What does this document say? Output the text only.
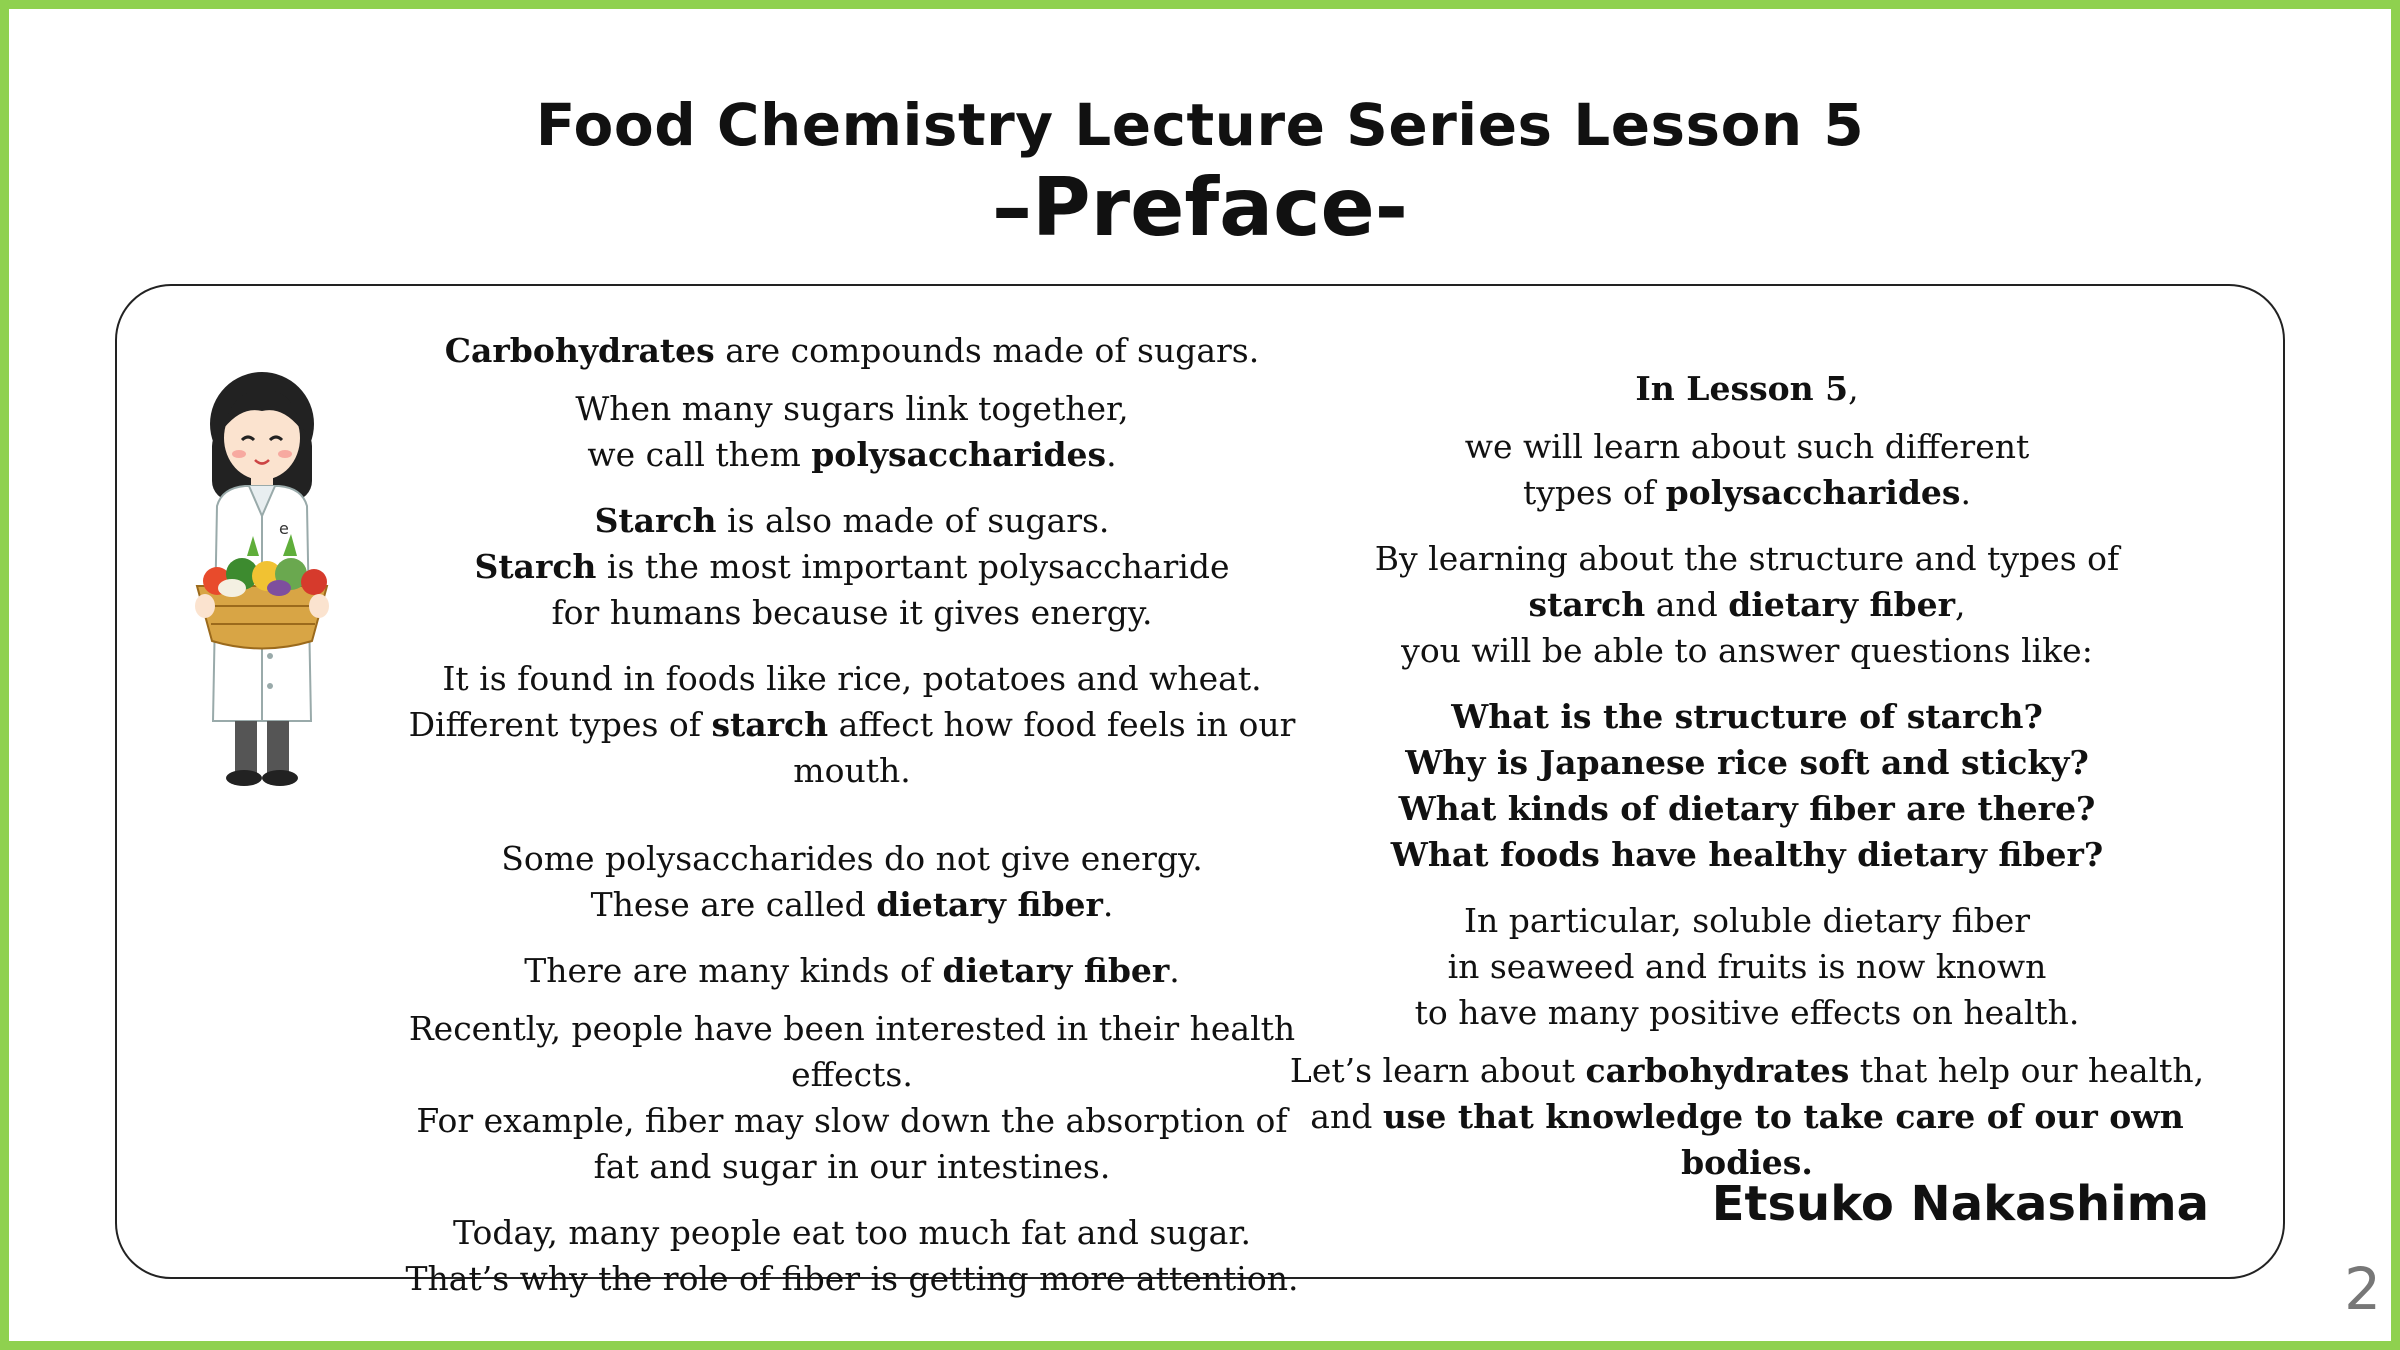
Food Chemistry Lecture Series Lesson 5
–Preface-
e

Carbohydrates are compounds made of sugars.

When many sugars link together,

we call them polysaccharides.

Starch is also made of sugars.

Starch is the most important polysaccharide

for humans because it gives energy.

It is found in foods like rice, potatoes and wheat.

Different types of starch affect how food feels in our mouth.

Some polysaccharides do not give energy.

These are called dietary fiber.

There are many kinds of dietary fiber.

Recently, people have been interested in their health effects.

For example, fiber may slow down the absorption of

fat and sugar in our intestines.

Today, many people eat too much fat and sugar.

That’s why the role of fiber is getting more attention.

In Lesson 5,

we will learn about such different

types of polysaccharides.

By learning about the structure and types of

starch and dietary fiber,

you will be able to answer questions like:

What is the structure of starch?

Why is Japanese rice soft and sticky?

What kinds of dietary fiber are there?

What foods have healthy dietary fiber?

In particular, soluble dietary fiber

in seaweed and fruits is now known

to have many positive effects on health.

Let’s learn about carbohydrates that help our health,

and use that knowledge to take care of our own bodies.

Etsuko Nakashima
2
